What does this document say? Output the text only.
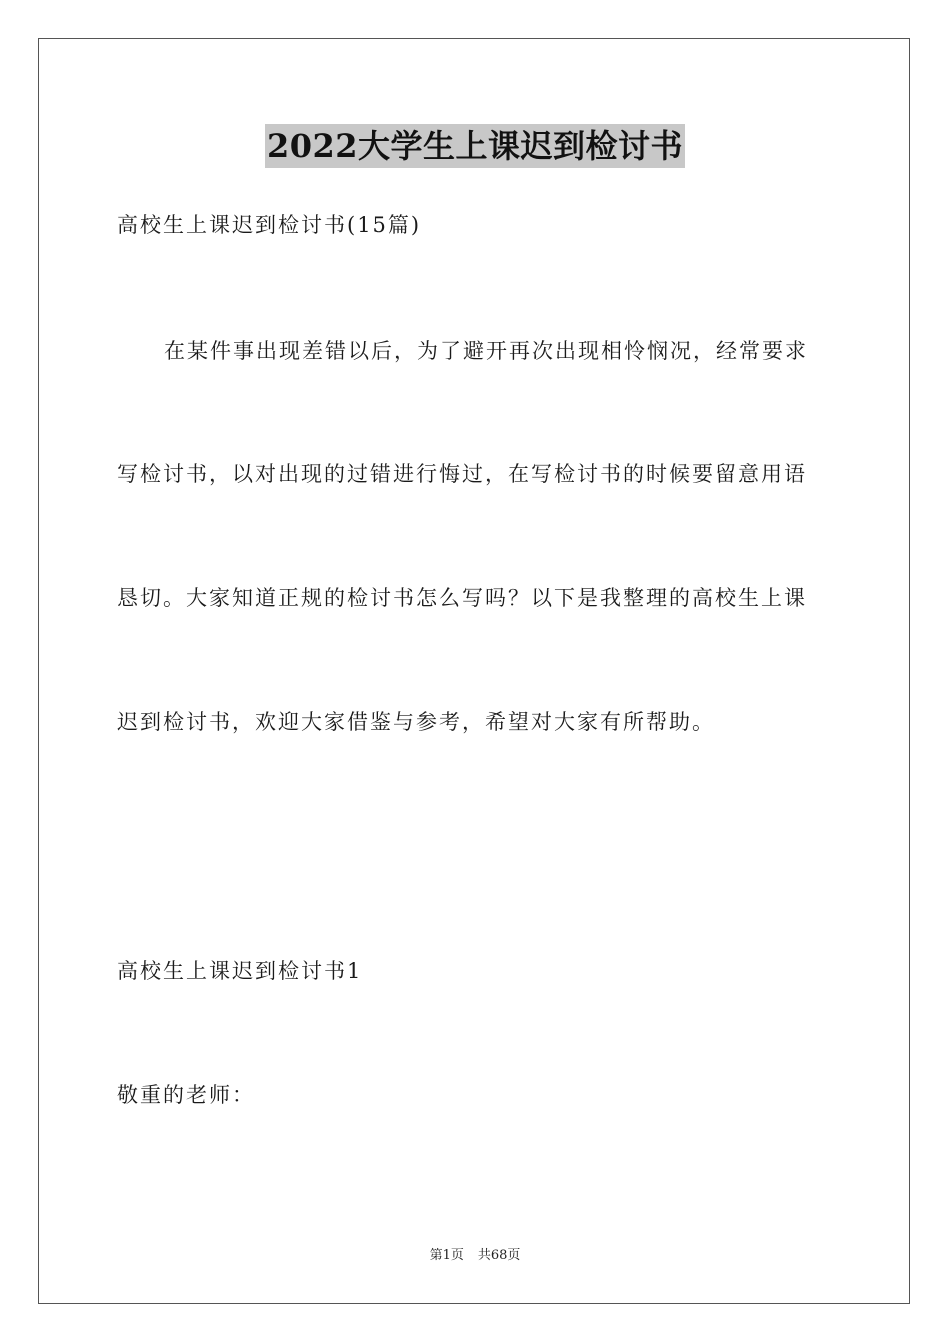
2022大学生上课迟到检讨书
高校生上课迟到检讨书(15篇)
在某件事出现差错以后，为了避开再次出现相怜悯况，经常要求
写检讨书，以对出现的过错进行悔过，在写检讨书的时候要留意用语
恳切。大家知道正规的检讨书怎么写吗？以下是我整理的高校生上课
迟到检讨书，欢迎大家借鉴与参考，希望对大家有所帮助。
高校生上课迟到检讨书1
敬重的老师：
第1页 共68页
